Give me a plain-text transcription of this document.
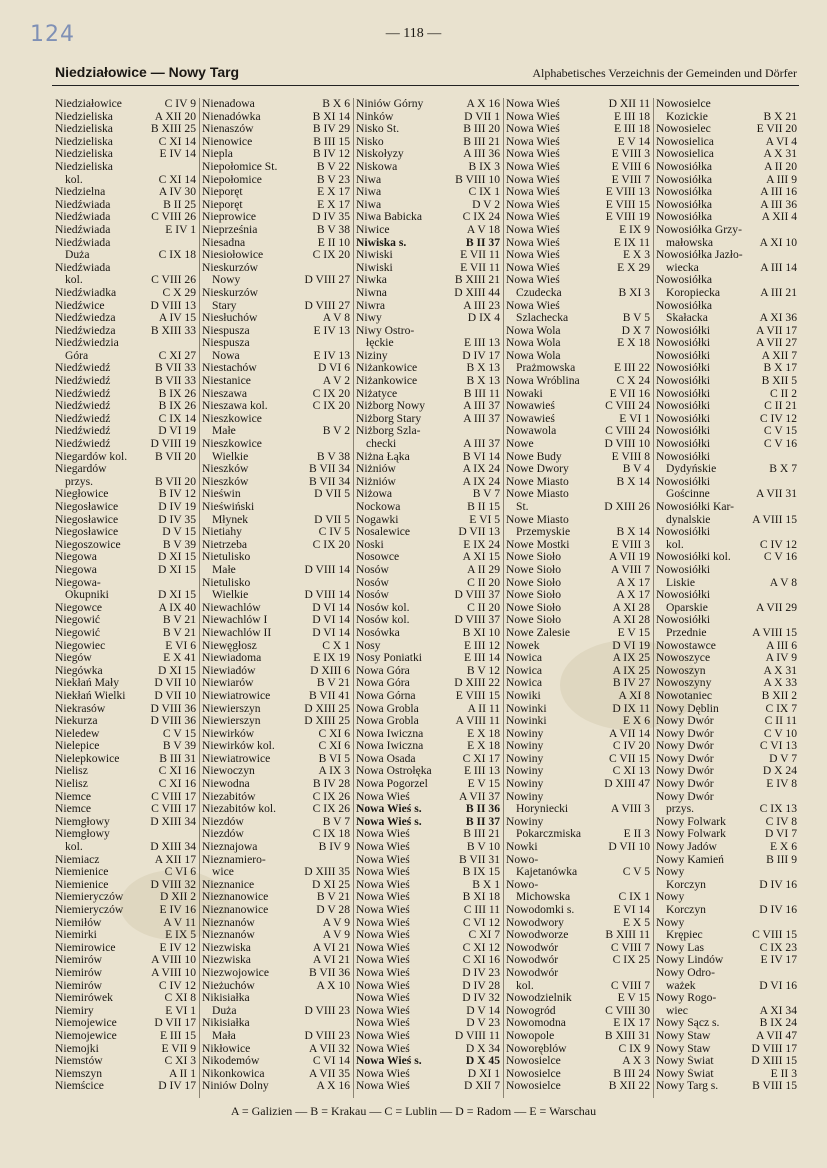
124	— 118 —
Niedziałowice — Nowy Targ	Alphabetisches Verzeichnis der Gemeinden und Dörfer
Niedziałowice	C IV 9
Niedzieliska	A XII 20
Niedzieliska	B XIII 25
Niedzieliska	C XI 14
Niedzieliska	E IV 14
Niedzieliska
kol.	C XI 14
Niedzielna	A IV 30
Niedźwiada	B II 25
Niedźwiada	C VIII 26
Niedźwiada	E IV 1
Niedźwiada
Duża	C IX 18
Niedźwiada
kol.	C VIII 26
Niedźwiadka	C X 29
Niedźwice	D VIII 13
Niedźwiedza	A IV 15
Niedźwiedza	B XIII 33
Niedźwiedzia
Góra	C XI 27
Niedźwiedź	B VII 33
Niedźwiedź	B VII 33
Niedźwiedź	B IX 26
Niedźwiedź	B IX 26
Niedźwiedź	C IX 14
Niedźwiedź	D VI 19
Niedźwiedź	D VIII 19
Niegardów kol. B VII 20
Niegardów
przys.	B VII 20
Niegłowice	B IV 12
Niegosławice	D IV 19
Niegosławice	D IV 35
Niegosławice	D V 15
Niegoszowice	B V 39
Niegowa	D XI 15
Niegowa	D XI 15
Niegowa-
Okupniki	D XI 15
Niegowce	A IX 40
Niegowić	B V 21
Niegowić	B V 21
Niegowiec	E VI 6
Niegów	E X 41
Niegówka	D XI 15
Niekłań Mały	D VII 10
Niekłań Wielki D VII 10
Niekrasów	D VIII 36
Niekurza	D VIII 36
Nieledew	C V 15
Nielepice	B V 39
Nielepkowice	B III 31
Nielisz	C XI 16
Nielisz	C XI 16
Niemce	C VIII 17
Niemce	C VIII 17
Niemgłowy	D XIII 34
Niemgłowy
kol.	D XIII 34
Niemiacz	A XII 17
Niemienice	C VI 6
Niemienice	D VIII 32
Niemieryczów	D XII 2
Niemieryczów	E IV 16
Niemiłów	A V 11
Niemirki	E IX 5
Niemirowice	E IV 12
Niemirów	A VIII 10
Niemirów	A VIII 10
Niemirów	C IV 12
Niemirówek	C XI 8
Niemiry	E VI 1
Niemojewice	D VII 17
Niemojewice	E III 15
Niemojki	E VII 9
Niemstów	C XI 3
Niemszyn	A II 1
Niemścice	D IV 17
Nienadowa	B X 6
Nienadówka	B XI 14
Nienaszów	B IV 29
Nienowice	B III 15
Niepla	B IV 12
Niepołomice St.	B V 22
Niepołomice	B V 23
Nieporęt	E X 17
Nieporęt	E X 17
Nieprowice	D IV 35
Nieprześnia	B V 38
Niesadna	E II 10
Niesiołowice	C IX 20
Nieskurzów
Nowy	D VIII 27
Nieskurzów
Stary	D VIII 27
Niesłuchów	A V 8
Niespusza	E IV 13
Niespusza
Nowa	E IV 13
Niestachów	D VI 6
Niestanice	A V 2
Nieszawa	C IX 20
Nieszawa kol.	C IX 20
Nieszkowice
Małe	B V 2
Nieszkowice
Wielkie	B V 38
Nieszków	B VII 34
Nieszków	B VII 34
Nieświn	D VII 5
Nieświński
Młynek	D VII 5
Nietiahy	C IV 5
Nietrzeba	C IX 20
Nietulisko
Małe	D VIII 14
Nietulisko
Wielkie	D VIII 14
Niewachlów	D VI 14
Niewachlów I	D VI 14
Niewachlów II	D VI 14
Niewęgłosz	C X 1
Niewiadoma	E IX 19
Niewiadów	D XIII 6
Niewiarów	B V 21
Niewiatrowice	B VII 41
Niewierszyn	D XIII 25
Niewierszyn	D XIII 25
Niewirków	C XI 6
Niewirków kol.	C XI 6
Niewiatrowice	B VI 5
Niewoczyn	A IX 3
Niewodna	B IV 28
Niezabitów	C IX 26
Niezabitów kol.	C IX 26
Niezdów	B V 7
Niezdów	C IX 18
Nieznajowa	B IV 9
Nieznamiero-
wice	D XIII 35
Nieznanice	D XI 25
Nieznanowice	B V 21
Nieznanowice	D V 28
Nieznanów	A V 9
Nieznanów	A V 9
Niezwiska	A VI 21
Niezwiska	A VI 21
Niezwojowice	B VII 36
Nieżuchów	A X 10
Nikisiałka
Duża	D VIII 23
Nikisiałka
Mała	D VIII 23
Nikłowice	A VII 32
Nikodemów	C VI 14
Nikonkowica	A VII 35
Niniów Dolny	A X 16
Niniów Górny	A X 16
Ninków	D VII 1
Nisko St.	B III 20
Nisko	B III 21
Niskołyzy	A III 36
Niskowa	B IX 3
Niwa	B VIII 10
Niwa	C IX 1
Niwa	D V 2
Niwa Babicka	C IX 24
Niwice	A V 18
Niwiska s.	B II 37
Niwiski	E VII 11
Niwiski	E VII 11
Niwka	B XIII 21
Niwna	D XIII 44
Niwra	A III 23
Niwy	D IX 4
Niwy Ostro-
łęckie	E III 13
Niziny	D IV 17
Niżankowice	B X 13
Niżankowice	B X 13
Niżatyce	B III 11
Niżborg Nowy	A III 37
Niżborg Stary	A III 37
Niżborg Szla-
checki	A III 37
Niżna Łąka	B VI 14
Niżniów	A IX 24
Niżniów	A IX 24
Niżowa	B V 7
Nockowa	B II 15
Nogawki	E VI 5
Nosalewice	D VII 13
Noski	E IX 24
Nosowce	A XI 15
Nosów	A II 29
Nosów	C II 20
Nosów	D VIII 37
Nosów kol.	C II 20
Nosów kol.	D VIII 37
Nosówka	B XI 10
Nosy	E III 12
Nosy Poniatki	E III 14
Nowa Góra	B V 12
Nowa Góra	D XIII 22
Nowa Górna	E VIII 15
Nowa Grobla	A II 11
Nowa Grobla	A VIII 11
Nowa Iwiczna	E X 18
Nowa Iwiczna	E X 18
Nowa Osada	C XI 17
Nowa Ostrołęka	E III 13
Nowa Pogorzel	E V 15
Nowa Wieś	A VII 37
Nowa Wieś s.	B II 36
Nowa Wieś s.	B II 37
Nowa Wieś	B III 21
Nowa Wieś	B V 10
Nowa Wieś	B VII 31
Nowa Wieś	B IX 15
Nowa Wieś	B X 1
Nowa Wieś	B XI 18
Nowa Wieś	C III 11
Nowa Wieś	C VI 12
Nowa Wieś	C XI 7
Nowa Wieś	C XI 12
Nowa Wieś	C XI 16
Nowa Wieś	D IV 23
Nowa Wieś	D IV 28
Nowa Wieś	D IV 32
Nowa Wieś	D V 14
Nowa Wieś	D V 23
Nowa Wieś	D VIII 11
Nowa Wieś	D X 34
Nowa Wieś s.	D X 45
Nowa Wieś	D XI 1
Nowa Wieś	D XII 7
Nowa Wieś	D XII 11
Nowa Wieś	E III 18
Nowa Wieś	E III 18
Nowa Wieś	E V 14
Nowa Wieś	E VIII 3
Nowa Wieś	E VIII 6
Nowa Wieś	E VIII 7
Nowa Wieś	E VIII 13
Nowa Wieś	E VIII 15
Nowa Wieś	E VIII 19
Nowa Wieś	E IX 9
Nowa Wieś	E IX 11
Nowa Wieś	E X 3
Nowa Wieś	E X 29
Nowa Wieś
Czudecka	B XI 3
Nowa Wieś
Szlachecka	B V 5
Nowa Wola	D X 7
Nowa Wola	E X 18
Nowa Wola
Prażmowska	E III 22
Nowa Wróblina	C X 24
Nowaki	E VII 16
Nowawieś	C VIII 24
Nowawieś	E VI 1
Nowawola	C VIII 24
Nowe	D VIII 10
Nowe Budy	E VIII 8
Nowe Dwory	B V 4
Nowe Miasto	B X 14
Nowe Miasto
St.	D XIII 26
Nowe Miasto
Przemyskie	B X 14
Nowe Mostki	E VIII 3
Nowe Sioło	A VII 19
Nowe Sioło	A VIII 7
Nowe Sioło	A X 17
Nowe Sioło	A X 17
Nowe Sioło	A XI 28
Nowe Sioło	A XI 28
Nowe Zalesie	E V 15
Nowek	D VI 19
Nowica	A IX 25
Nowica	A IX 25
Nowica	B IV 27
Nowiki	A XI 8
Nowinki	D IX 11
Nowinki	E X 6
Nowiny	A VII 14
Nowiny	C IV 20
Nowiny	C VII 15
Nowiny	C XI 13
Nowiny	D XIII 47
Nowiny
Horyniecki	A VIII 3
Nowiny
Pokarczmiska	E II 3
Nowki	D VII 10
Nowo-
Kajetanówka	C V 5
Nowo-
Michowska	C IX 1
Nowodomki s.	E VI 14
Nowodwory	E X 5
Nowodworze	B XIII 11
Nowodwór	C VIII 7
Nowodwór	C IX 25
Nowodwór
kol.	C VIII 7
Nowodzielnik	E V 15
Nowogród	C VIII 30
Nowomodna	E IX 17
Nowopole	B XIII 31
Noworęblów	C IX 9
Nowosielce	A X 3
Nowosielce	B III 24
Nowosielce	B XII 22
Nowosielce
Kozickie	B X 21
Nowosielec	E VII 20
Nowosielica	A VI 4
Nowosielica	A X 31
Nowosiółka	A II 20
Nowosiółka	A III 9
Nowosiółka	A III 16
Nowosiółka	A III 36
Nowosiółka	A XII 4
Nowosiółka Grzy-
małowska	A XI 10
Nowosiółka Jazło-
wiecka	A III 14
Nowosiółka
Koropiecka	A III 21
Nowosiółka
Skałacka	A XI 36
Nowosiółki	A VII 17
Nowosiółki	A VII 27
Nowosiółki	A XII 7
Nowosiółki	B X 17
Nowosiółki	B XII 5
Nowosiółki	C II 2
Nowosiółki	C II 21
Nowosiółki	C IV 12
Nowosiółki	C V 15
Nowosiółki	C V 16
Nowosiółki
Dydyńskie	B X 7
Nowosiółki
Gościnne	A VII 31
Nowosiółki Kar-
dynalskie	A VIII 15
Nowosiółki
kol.	C IV 12
Nowosiółki kol.	C V 16
Nowosiółki
Liskie	A V 8
Nowosiółki
Oparskie	A VII 29
Nowosiółki
Przednie	A VIII 15
Nowostawce	A III 6
Nowoszyce	A IV 9
Nowoszyn	A X 31
Nowoszyny	A X 33
Nowotaniec	B XII 2
Nowy Dęblin	C IX 7
Nowy Dwór	C II 11
Nowy Dwór	C V 10
Nowy Dwór	C VI 13
Nowy Dwór	D V 7
Nowy Dwór	D X 24
Nowy Dwór	E IV 8
Nowy Dwór
przys.	C IX 13
Nowy Folwark	C IV 8
Nowy Folwark	D VI 7
Nowy Jadów	E X 6
Nowy Kamień	B III 9
Nowy
Korczyn	D IV 16
Nowy
Korczyn	D IV 16
Nowy
Krępiec	C VIII 15
Nowy Las	C IX 23
Nowy Lindów	E IV 17
Nowy Odro-
ważek	D VI 16
Nowy Rogo-
wiec	A XI 34
Nowy Sącz s.	B IX 24
Nowy Staw	A VII 47
Nowy Staw	D VIII 17
Nowy Świat	D XIII 15
Nowy Świat	E II 3
Nowy Targ s.	B VIII 15
A = Galizien — B = Krakau — C = Lublin — D = Radom — E = Warschau
